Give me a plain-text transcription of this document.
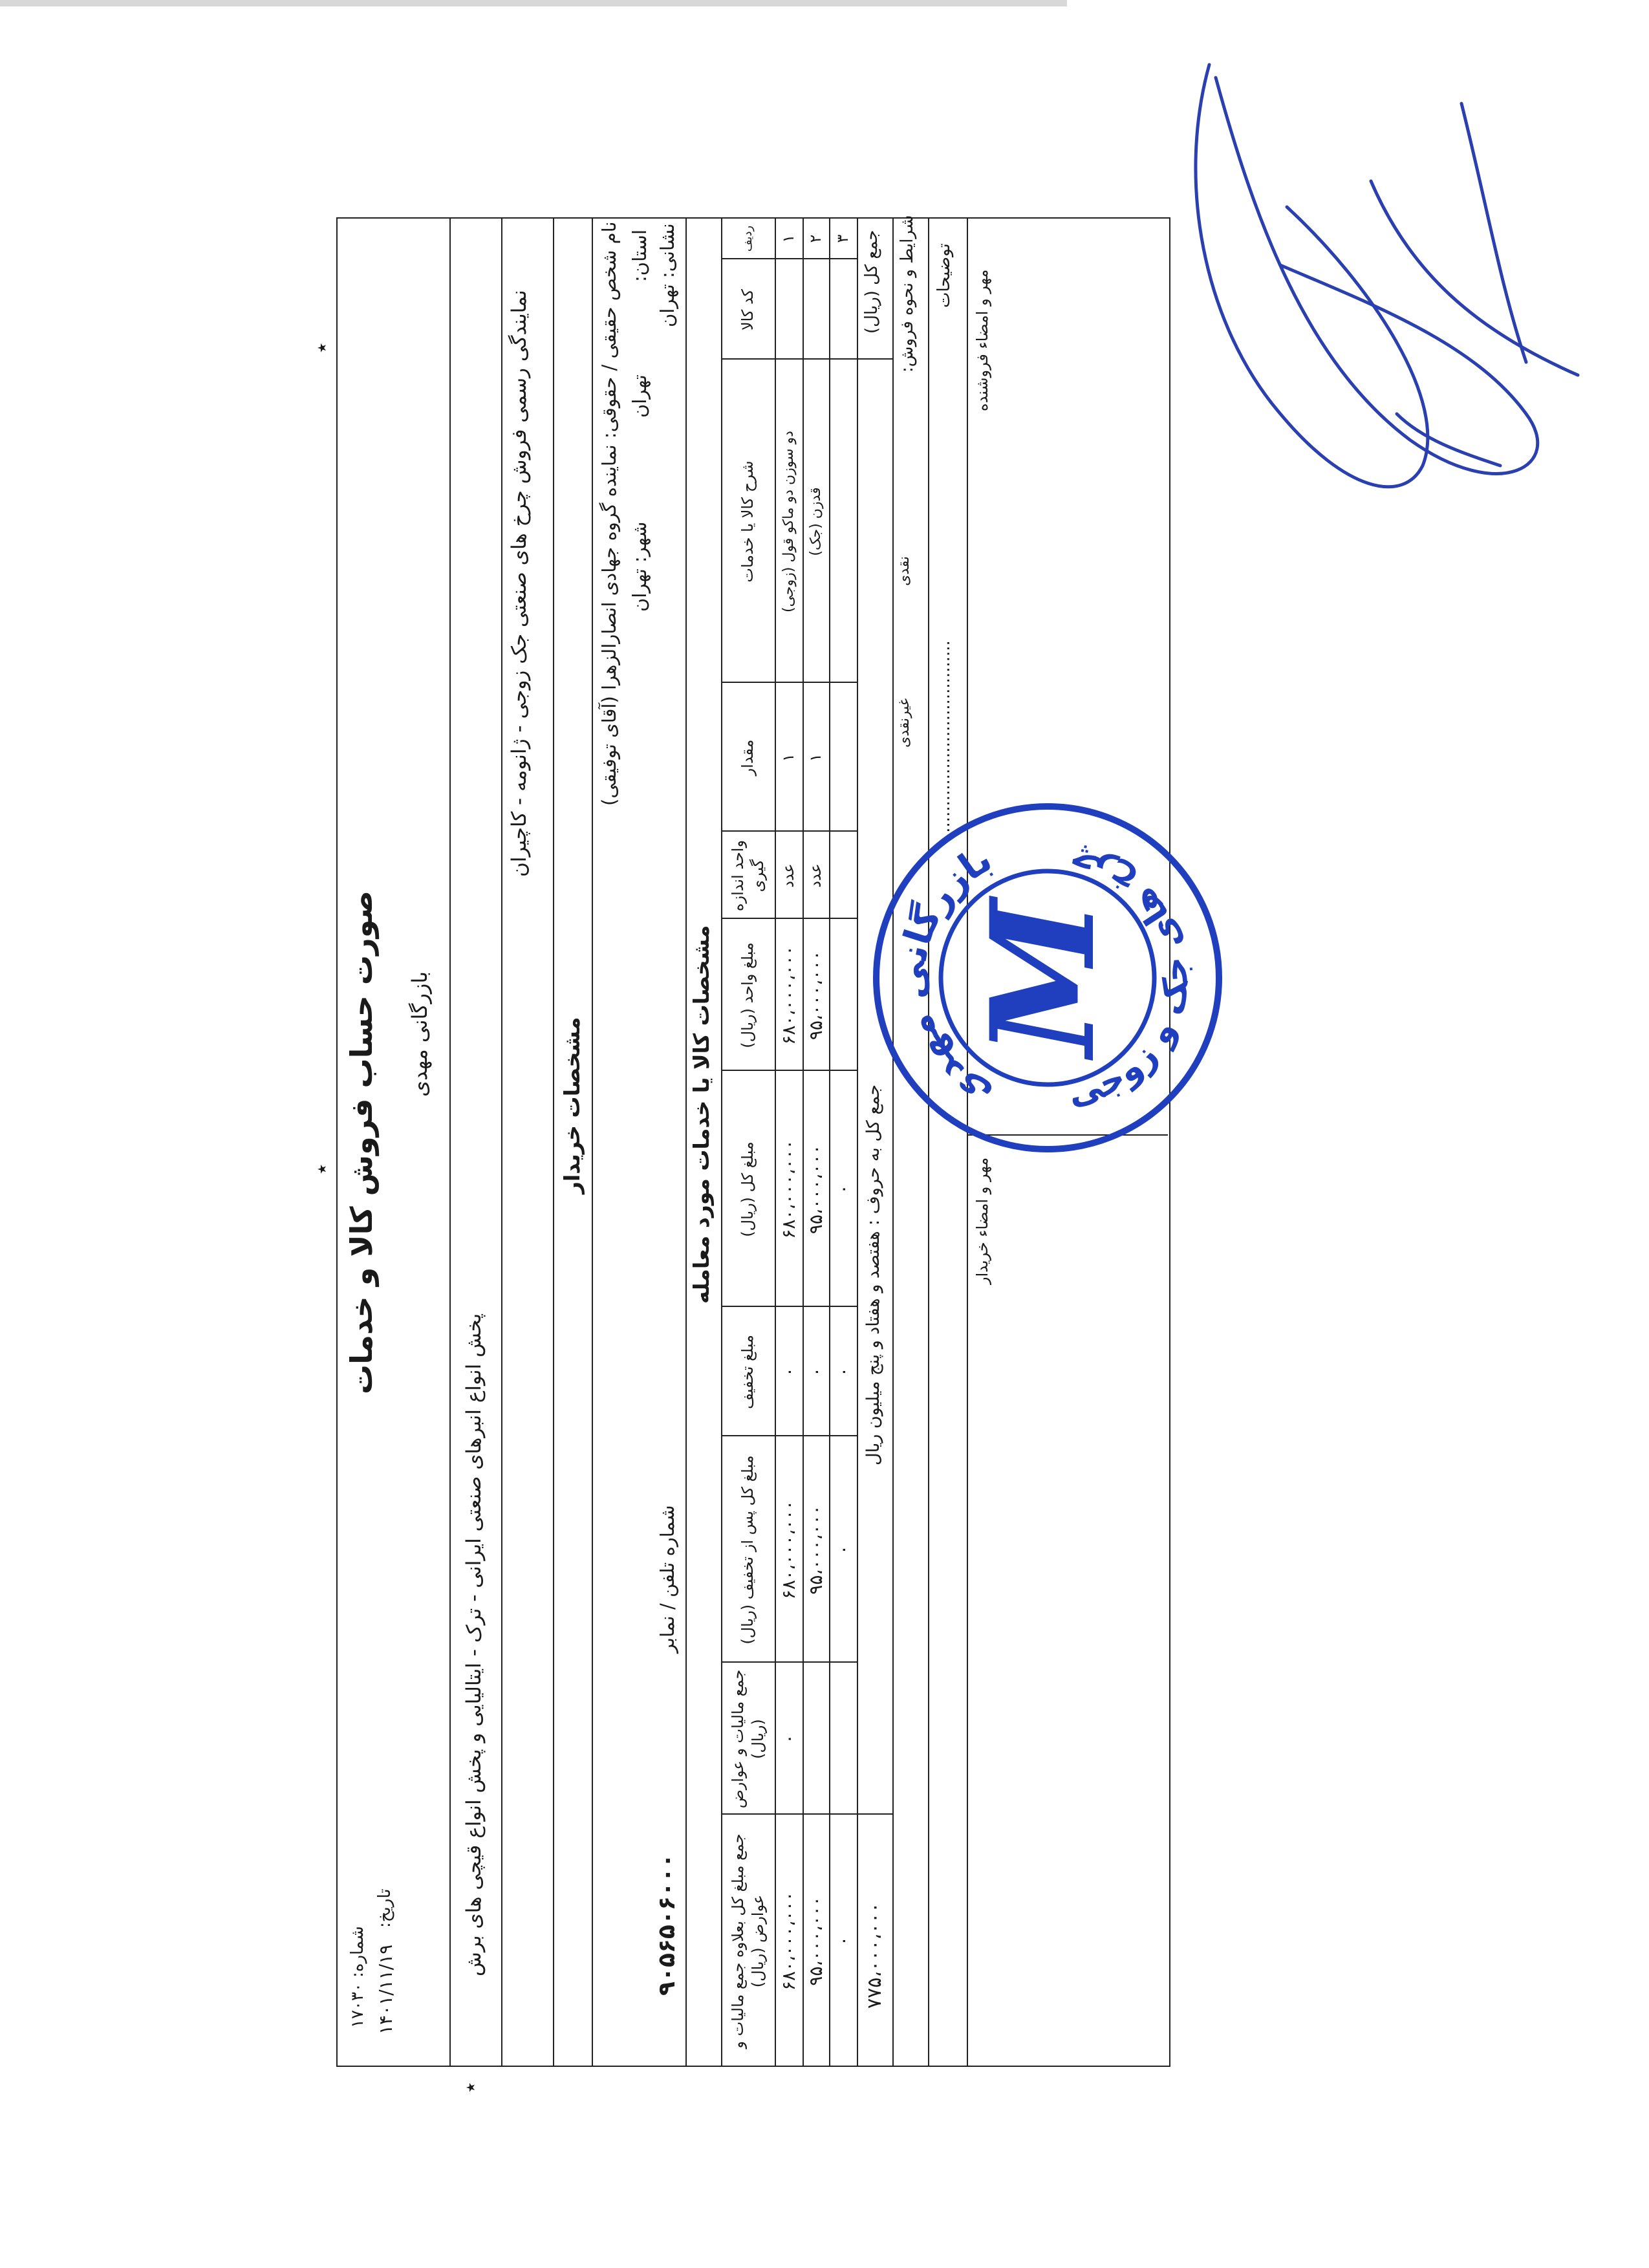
شماره: ۱۷۰۳۰
تاریخ:
۱۴۰۱/۱۱/۱۹
صورت حساب فروش کالا و خدمات بازرگانی مهدی
پخش انواع انبرهای صنعتی ایرانی - ترک - ایتالیایی و پخش انواع قیچی های برش
نمایندگی رسمی فروش چرخ های صنعتی جک زوجی - ژانومه - کاچیران
مشخصات خریدار
نام شخص حقیقی / حقوقی: نماینده گروه جهادی انصارالزهرا (آقای توفیقی) استان:
تهران
شهر: تهران
نشانی: تهران
شماره تلفن / نمابر
۹۰۵۶۵۰۶۰۰۰
مشخصات کالا یا خدمات مورد معامله
ردیف
کد کالا
شرح کالا یا خدمات
مقدار
واحد اندازه گیری
مبلغ واحد (ریال)
مبلغ کل (ریال)
مبلغ تخفیف
مبلغ کل پس از تخفیف (ریال)
جمع مالیات و عوارض (ریال)
جمع مبلغ کل بعلاوه جمع مالیات و عوارض (ریال)
۱
دو سوزن دو ماکو قول (زوجی)
۱
عدد
۶۸۰،۰۰۰،۰۰۰
۶۸۰،۰۰۰،۰۰۰
۰
۶۸۰،۰۰۰،۰۰۰
۰
۶۸۰،۰۰۰،۰۰۰
۲
قدزن (جک)
۱
عدد
۹۵،۰۰۰،۰۰۰
۹۵،۰۰۰،۰۰۰
۰
۹۵،۰۰۰،۰۰۰
۹۵،۰۰۰،۰۰۰
۳
۰
۰
۰
۰
جمع کل (ریال)
جمع کل به حروف : هفتصد و هفتاد و پنج میلیون ریال
۷۷۵،۰۰۰،۰۰۰
شرایط و نحوه فروش:
نقدی
غیرنقدی
توضیحات
.....................................
مهر و امضاء فروشنده
مهر و امضاء خریدار
٭
٭
٭
بازرگانی مهدی
چرخ های جک و زوجی
M
